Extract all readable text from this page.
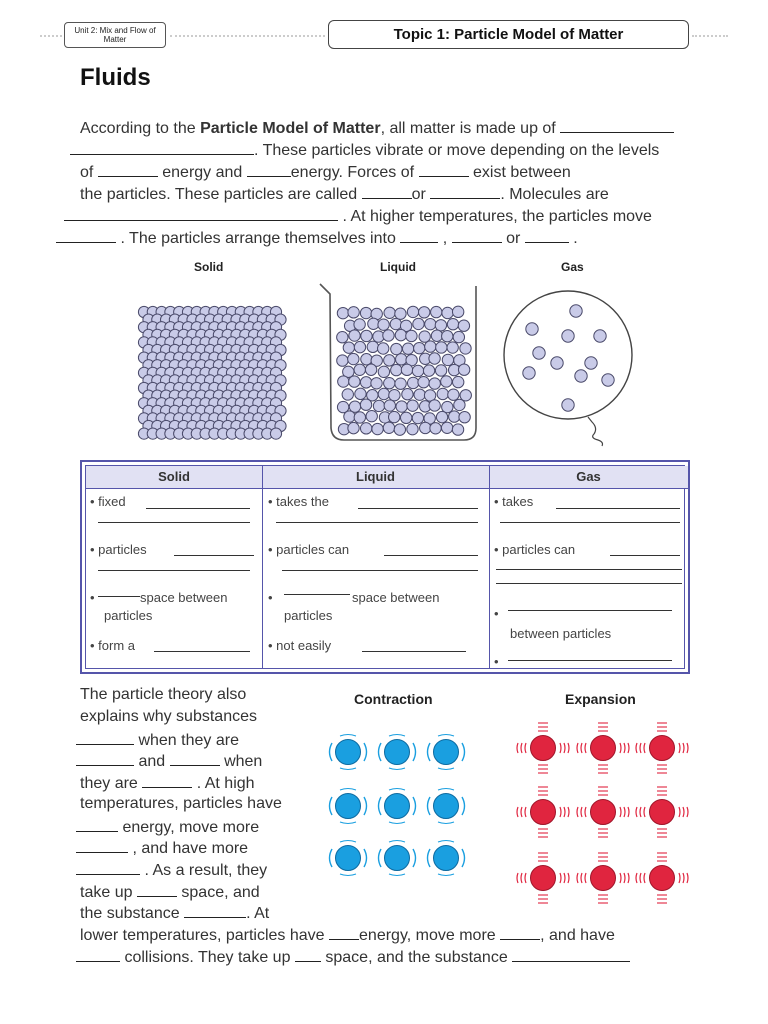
Unit 2: Mix and Flow of
Matter	Topic 1: Particle Model of Matter
Fluids
According to the Particle Model of Matter, all matter is made up of
. These particles vibrate or move depending on the levels
of	energy and	energy. Forces of	exist between
the particles. These particles are called	or	. Molecules are
. At higher temperatures, the particles move
. The particles arrange themselves into	,	or	.
Solid	Liquid	Gas
Solid	Liquid	Gas
• fixed
• particles
•	space between
particles
• form a
• takes the
• particles can
•	space between
particles
• not easily
• takes
• particles can
•
between particles
•
The particle theory also
explains why substances
when they are
and	when
they are	. At high
temperatures, particles have
energy, move more
, and have more
. As a result, they
take up	space, and
the substance	. At
lower temperatures, particles have energy, move more	, and have
collisions. They take up space, and the substance
Contraction	Expansion
